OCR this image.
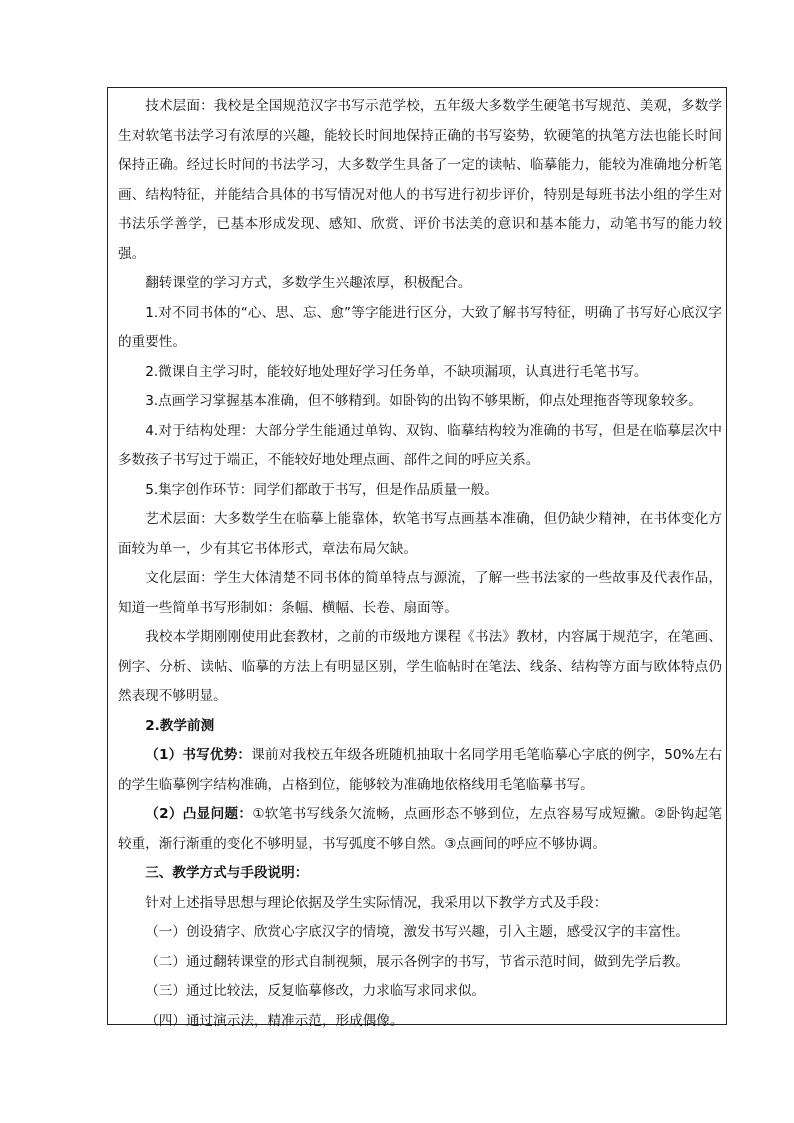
技术层面：我校是全国规范汉字书写示范学校，五年级大多数学生硬笔书写规范、美观，多数学生对软笔书法学习有浓厚的兴趣，能较长时间地保持正确的书写姿势，软硬笔的执笔方法也能长时间保持正确。经过长时间的书法学习，大多数学生具备了一定的读帖、临摹能力，能较为准确地分析笔画、结构特征，并能结合具体的书写情况对他人的书写进行初步评价，特别是每班书法小组的学生对书法乐学善学，已基本形成发现、感知、欣赏、评价书法美的意识和基本能力，动笔书写的能力较强。

翻转课堂的学习方式，多数学生兴趣浓厚，积极配合。

1.对不同书体的“心、思、忘、愈”等字能进行区分，大致了解书写特征，明确了书写好心底汉字的重要性。

2.微课自主学习时，能较好地处理好学习任务单，不缺项漏项，认真进行毛笔书写。

3.点画学习掌握基本准确，但不够精到。如卧钩的出钩不够果断，仰点处理拖沓等现象较多。

4.对于结构处理：大部分学生能通过单钩、双钩、临摹结构较为准确的书写，但是在临摹层次中多数孩子书写过于端正，不能较好地处理点画、部件之间的呼应关系。

5.集字创作环节：同学们都敢于书写，但是作品质量一般。

艺术层面：大多数学生在临摹上能靠体，软笔书写点画基本准确，但仍缺少精神，在书体变化方面较为单一，少有其它书体形式，章法布局欠缺。

文化层面：学生大体清楚不同书体的简单特点与源流，了解一些书法家的一些故事及代表作品，知道一些简单书写形制如：条幅、横幅、长卷、扇面等。

我校本学期刚刚使用此套教材，之前的市级地方课程《书法》教材，内容属于规范字，在笔画、例字、分析、读帖、临摹的方法上有明显区别，学生临帖时在笔法、线条、结构等方面与欧体特点仍然表现不够明显。

2.教学前测

（1）书写优势：课前对我校五年级各班随机抽取十名同学用毛笔临摹心字底的例字，50%左右的学生临摹例字结构准确，占格到位，能够较为准确地依格线用毛笔临摹书写。

（2）凸显问题：①软笔书写线条欠流畅，点画形态不够到位，左点容易写成短撇。②卧钩起笔较重，渐行渐重的变化不够明显，书写弧度不够自然。③点画间的呼应不够协调。

三、教学方式与手段说明：

针对上述指导思想与理论依据及学生实际情况，我采用以下教学方式及手段：

（一）创设猜字、欣赏心字底汉字的情境，激发书写兴趣，引入主题，感受汉字的丰富性。

（二）通过翻转课堂的形式自制视频，展示各例字的书写，节省示范时间，做到先学后教。

（三）通过比较法，反复临摹修改，力求临写求同求似。

（四）通过演示法，精准示范，形成偶像。
